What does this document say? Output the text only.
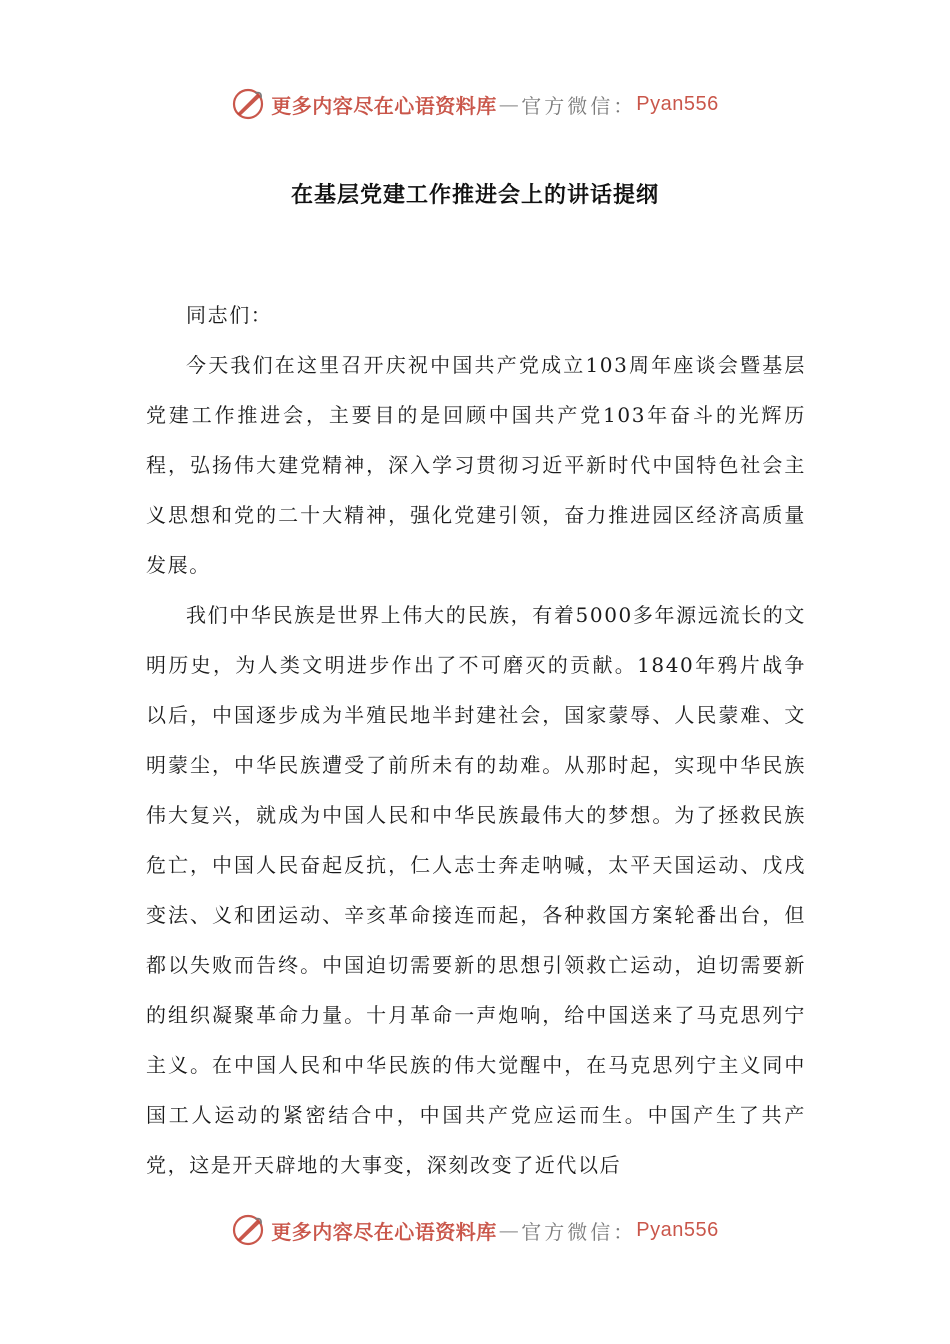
更多内容尽在心语资料库 — 官方微信： Pyan556
在基层党建工作推进会上的讲话提纲

同志们：

今天我们在这里召开庆祝中国共产党成立103周年座谈会暨基层党建工作推进会，主要目的是回顾中国共产党103年奋斗的光辉历程，弘扬伟大建党精神，深入学习贯彻习近平新时代中国特色社会主义思想和党的二十大精神，强化党建引领，奋力推进园区经济高质量发展。

我们中华民族是世界上伟大的民族，有着5000多年源远流长的文明历史，为人类文明进步作出了不可磨灭的贡献。1840年鸦片战争以后，中国逐步成为半殖民地半封建社会，国家蒙辱、人民蒙难、文明蒙尘，中华民族遭受了前所未有的劫难。从那时起，实现中华民族伟大复兴，就成为中国人民和中华民族最伟大的梦想。为了拯救民族危亡，中国人民奋起反抗，仁人志士奔走呐喊，太平天国运动、戊戌变法、义和团运动、辛亥革命接连而起，各种救国方案轮番出台，但都以失败而告终。中国迫切需要新的思想引领救亡运动，迫切需要新的组织凝聚革命力量。十月革命一声炮响，给中国送来了马克思列宁主义。在中国人民和中华民族的伟大觉醒中，在马克思列宁主义同中国工人运动的紧密结合中，中国共产党应运而生。中国产生了共产党，这是开天辟地的大事变，深刻改变了近代以后

更多内容尽在心语资料库 — 官方微信： Pyan556
